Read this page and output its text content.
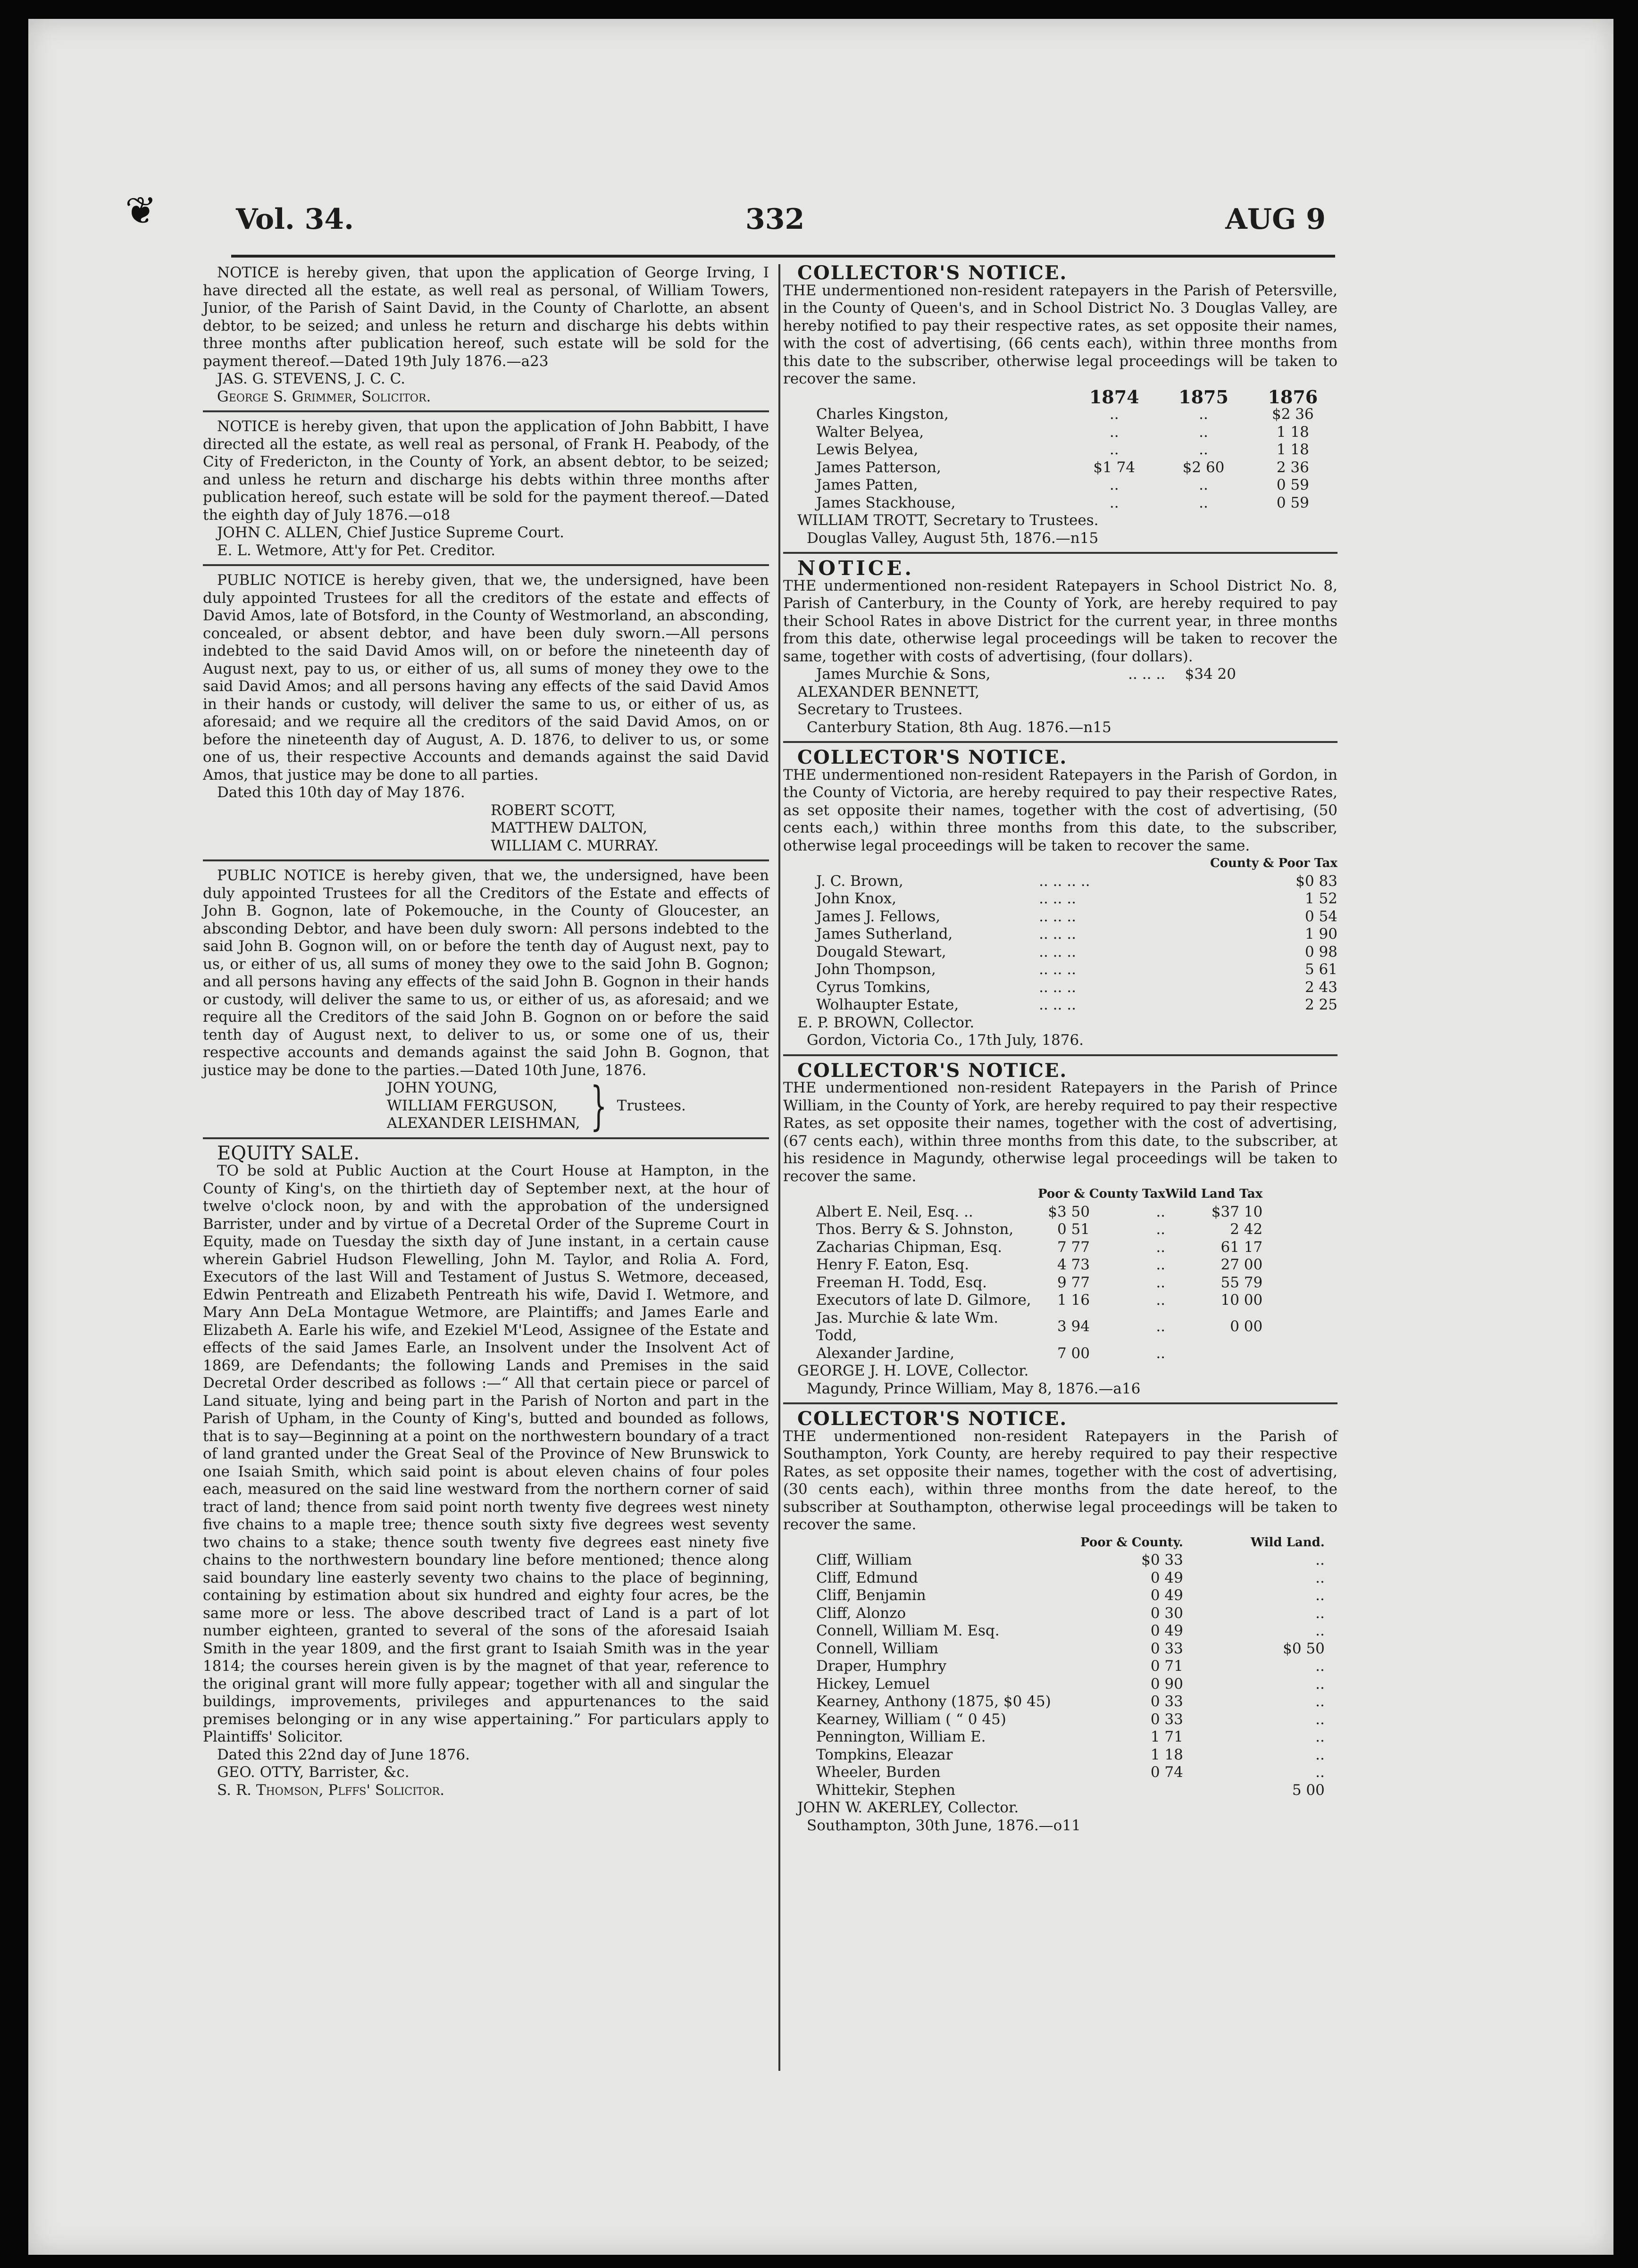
❦	Vol. 34.	332	AUG 9

NOTICE is hereby given, that upon the application of George Irving, I have directed all the estate, as well real as personal, of William Towers, Junior, of the Parish of Saint David, in the County of Charlotte, an absent debtor, to be seized; and unless he return and discharge his debts within three months after publication hereof, such estate will be sold for the payment thereof.—Dated 19th July 1876.—a23

JAS. G. STEVENS, J. C. C.

George S. Grimmer, Solicitor.

NOTICE is hereby given, that upon the application of John Babbitt, I have directed all the estate, as well real as personal, of Frank H. Peabody, of the City of Fredericton, in the County of York, an absent debtor, to be seized; and unless he return and discharge his debts within three months after publication hereof, such estate will be sold for the payment thereof.—Dated the eighth day of July 1876.—o18

JOHN C. ALLEN, Chief Justice Supreme Court.

E. L. Wetmore, Att'y for Pet. Creditor.

PUBLIC NOTICE is hereby given, that we, the undersigned, have been duly appointed Trustees for all the creditors of the estate and effects of David Amos, late of Botsford, in the County of Westmorland, an absconding, concealed, or absent debtor, and have been duly sworn.—All persons indebted to the said David Amos will, on or before the nineteenth day of August next, pay to us, or either of us, all sums of money they owe to the said David Amos; and all persons having any effects of the said David Amos in their hands or custody, will deliver the same to us, or either of us, as aforesaid; and we require all the creditors of the said David Amos, on or before the nineteenth day of August, A. D. 1876, to deliver to us, or some one of us, their respective Accounts and demands against the said David Amos, that justice may be done to all parties.

Dated this 10th day of May 1876.

ROBERT SCOTT,

MATTHEW DALTON,

WILLIAM C. MURRAY.

PUBLIC NOTICE is hereby given, that we, the undersigned, have been duly appointed Trustees for all the Creditors of the Estate and effects of John B. Gognon, late of Pokemouche, in the County of Gloucester, an absconding Debtor, and have been duly sworn: All persons indebted to the said John B. Gognon will, on or before the tenth day of August next, pay to us, or either of us, all sums of money they owe to the said John B. Gognon; and all persons having any effects of the said John B. Gognon in their hands or custody, will deliver the same to us, or either of us, as aforesaid; and we require all the Creditors of the said John B. Gognon on or before the said tenth day of August next, to deliver to us, or some one of us, their respective accounts and demands against the said John B. Gognon, that justice may be done to the parties.—Dated 10th June, 1876.

JOHN YOUNG,

WILLIAM FERGUSON,

ALEXANDER LEISHMAN, } Trustees.

EQUITY SALE.

TO be sold at Public Auction at the Court House at Hampton, in the County of King's, on the thirtieth day of September next, at the hour of twelve o'clock noon, by and with the approbation of the undersigned Barrister, under and by virtue of a Decretal Order of the Supreme Court in Equity, made on Tuesday the sixth day of June instant, in a certain cause wherein Gabriel Hudson Flewelling, John M. Taylor, and Rolia A. Ford, Executors of the last Will and Testament of Justus S. Wetmore, deceased, Edwin Pentreath and Elizabeth Pentreath his wife, David I. Wetmore, and Mary Ann DeLa Montague Wetmore, are Plaintiffs; and James Earle and Elizabeth A. Earle his wife, and Ezekiel M'Leod, Assignee of the Estate and effects of the said James Earle, an Insolvent under the Insolvent Act of 1869, are Defendants; the following Lands and Premises in the said Decretal Order described as follows :—“ All that certain piece or parcel of Land situate, lying and being part in the Parish of Norton and part in the Parish of Upham, in the County of King's, butted and bounded as follows, that is to say—Beginning at a point on the northwestern boundary of a tract of land granted under the Great Seal of the Province of New Brunswick to one Isaiah Smith, which said point is about eleven chains of four poles each, measured on the said line westward from the northern corner of said tract of land; thence from said point north twenty five degrees west ninety five chains to a maple tree; thence south sixty five degrees west seventy two chains to a stake; thence south twenty five degrees east ninety five chains to the northwestern boundary line before mentioned; thence along said boundary line easterly seventy two chains to the place of beginning, containing by estimation about six hundred and eighty four acres, be the same more or less. The above described tract of Land is a part of lot number eighteen, granted to several of the sons of the aforesaid Isaiah Smith in the year 1809, and the first grant to Isaiah Smith was in the year 1814; the courses herein given is by the magnet of that year, reference to the original grant will more fully appear; together with all and singular the buildings, improvements, privileges and appurtenances to the said premises belonging or in any wise appertaining.” For particulars apply to Plaintiffs' Solicitor.

Dated this 22nd day of June 1876.

GEO. OTTY, Barrister, &c.

S. R. Thomson, Plffs' Solicitor.

COLLECTOR'S NOTICE.

THE undermentioned non-resident ratepayers in the Parish of Petersville, in the County of Queen's, and in School District No. 3 Douglas Valley, are hereby notified to pay their respective rates, as set opposite their names, with the cost of advertising, (66 cents each), within three months from this date to the subscriber, otherwise legal proceedings will be taken to recover the same.

	1874	1875	1876
Charles Kingston,	..	..	$2 36
Walter Belyea,	..	..	1 18
Lewis Belyea,	..	..	1 18
James Patterson,	$1 74	$2 60	2 36
James Patten,	..	..	0 59
James Stackhouse,	..	..	0 59

WILLIAM TROTT, Secretary to Trustees.

Douglas Valley, August 5th, 1876.—n15

NOTICE.

THE undermentioned non-resident Ratepayers in School District No. 8, Parish of Canterbury, in the County of York, are hereby required to pay their School Rates in above District for the current year, in three months from this date, otherwise legal proceedings will be taken to recover the same, together with costs of advertising, (four dollars).

James Murchie & Sons,	.. .. ..	$34 20

ALEXANDER BENNETT,

Secretary to Trustees.

Canterbury Station, 8th Aug. 1876.—n15

COLLECTOR'S NOTICE.

THE undermentioned non-resident Ratepayers in the Parish of Gordon, in the County of Victoria, are hereby required to pay their respective Rates, as set opposite their names, together with the cost of advertising, (50 cents each,) within three months from this date, to the subscriber, otherwise legal proceedings will be taken to recover the same.

		County & Poor Tax
J. C. Brown,	.. .. .. ..	$0 83
John Knox,	.. .. ..	1 52
James J. Fellows,	.. .. ..	0 54
James Sutherland,	.. .. ..	1 90
Dougald Stewart,	.. .. ..	0 98
John Thompson,	.. .. ..	5 61
Cyrus Tomkins,	.. .. ..	2 43
Wolhaupter Estate,	.. .. ..	2 25

E. P. BROWN, Collector.

Gordon, Victoria Co., 17th July, 1876.

COLLECTOR'S NOTICE.

THE undermentioned non-resident Ratepayers in the Parish of Prince William, in the County of York, are hereby required to pay their respective Rates, as set opposite their names, together with the cost of advertising, (67 cents each), within three months from this date, to the subscriber, at his residence in Magundy, otherwise legal proceedings will be taken to recover the same.

	Poor & County Tax		Wild Land Tax
Albert E. Neil, Esq. ..	$3 50	..	$37 10
Thos. Berry & S. Johnston,	0 51	..	2 42
Zacharias Chipman, Esq.	7 77	..	61 17
Henry F. Eaton, Esq.	4 73	..	27 00
Freeman H. Todd, Esq.	9 77	..	55 79
Executors of late D. Gilmore,	1 16	..	10 00
Jas. Murchie & late Wm. Todd,	3 94	..	0 00
Alexander Jardine,	7 00	..	

GEORGE J. H. LOVE, Collector.

Magundy, Prince William, May 8, 1876.—a16

COLLECTOR'S NOTICE.

THE undermentioned non-resident Ratepayers in the Parish of Southampton, York County, are hereby required to pay their respective Rates, as set opposite their names, together with the cost of advertising, (30 cents each), within three months from the date hereof, to the subscriber at Southampton, otherwise legal proceedings will be taken to recover the same.

	Poor & County.	Wild Land.
Cliff, William	$0 33	..
Cliff, Edmund	0 49	..
Cliff, Benjamin	0 49	..
Cliff, Alonzo	0 30	..
Connell, William M. Esq.	0 49	..
Connell, William	0 33	$0 50
Draper, Humphry	0 71	..
Hickey, Lemuel	0 90	..
Kearney, Anthony (1875, $0 45)	0 33	..
Kearney, William ( “ 0 45)	0 33	..
Pennington, William E.	1 71	..
Tompkins, Eleazar	1 18	..
Wheeler, Burden	0 74	..
Whittekir, Stephen		5 00

JOHN W. AKERLEY, Collector.

Southampton, 30th June, 1876.—o11
